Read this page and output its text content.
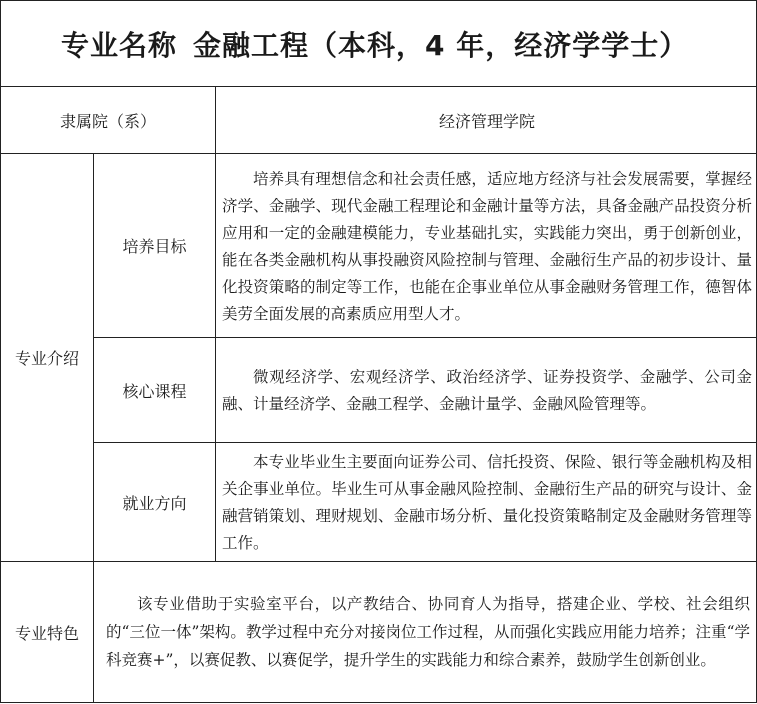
专业名称 金融工程 （本科，4 年，经济学学士）
隶属院（系）	经济管理学院
专业介绍
培养目标

培养具有理想信念和社会责任感，适应地方经济与社会发展需要，掌握经济学、金融学、现代金融工程理论和金融计量等方法，具备金融产品投资分析应用和一定的金融建模能力，专业基础扎实，实践能力突出，勇于创新创业，能在各类金融机构从事投融资风险控制与管理、金融衍生产品的初步设计、量化投资策略的制定等工作，也能在企事业单位从事金融财务管理工作，德智体美劳全面发展的高素质应用型人才。

核心课程

微观经济学、宏观经济学、政治经济学、证券投资学、金融学、公司金融、计量经济学、金融工程学、金融计量学、金融风险管理等。

就业方向

本专业毕业生主要面向证券公司、信托投资、保险、银行等金融机构及相关企事业单位。毕业生可从事金融风险控制、金融衍生产品的研究与设计、金融营销策划、理财规划、金融市场分析、量化投资策略制定及金融财务管理等工作。

专业特色

该专业借助于实验室平台，以产教结合、协同育人为指导，搭建企业、学校、社会组织的“三位一体”架构。教学过程中充分对接岗位工作过程，从而强化实践应用能力培养；注重“学科竞赛+”，以赛促教、以赛促学，提升学生的实践能力和综合素养，鼓励学生创新创业。
